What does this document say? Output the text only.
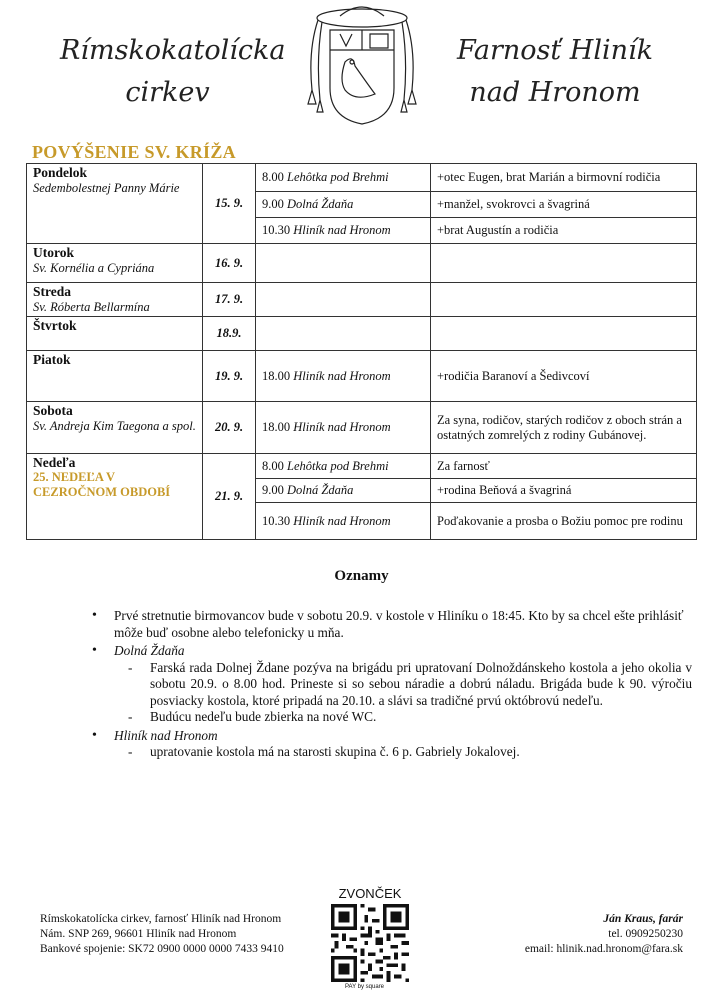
Rímskokatolícka
cirkev
Farnosť Hliník
nad Hronom
POVÝŠENIE SV. KRÍŽA
Pondelok
Sedembolestnej Panny Márie	15. 9.	8.00 Lehôtka pod Brehmi	+otec Eugen, brat Marián a birmovní rodičia
		9.00 Dolná Ždaňa	+manžel, svokrovci a švagriná
		10.30 Hliník nad Hronom	+brat Augustín a rodičia

Utorok
Sv. Kornélia a Cypriána	16. 9.		

Streda
Sv. Róberta Bellarmína	17. 9.		

Štvrtok	18.9.		

Piatok	19. 9.	18.00 Hliník nad Hronom	+rodičia Baranoví a Šedivcoví

Sobota
Sv. Andreja Kim Taegona a spol.	20. 9.	18.00 Hliník nad Hronom	Za syna, rodičov, starých rodičov z oboch strán a ostatných zomrelých z rodiny Gubánovej.

Nedeľa
25. NEDEĽA V CEZROČNOM OBDOBÍ	21. 9.	8.00 Lehôtka pod Brehmi	Za farnosť
		9.00 Dolná Ždaňa	+rodina Beňová a švagriná
		10.30 Hliník nad Hronom	Poďakovanie a prosba o Božiu pomoc pre rodinu
Oznamy
• Prvé stretnutie birmovancov bude v sobotu 20.9. v kostole v Hliníku o 18:45. Kto by sa chcel ešte prihlásiť môže buď osobne alebo telefonicky u mňa.
• Dolná Ždaňa
- Farská rada Dolnej Ždane pozýva na brigádu pri upratovaní Dolnoždánskeho kostola a jeho okolia v sobotu 20.9. o 8.00 hod. Prineste si so sebou náradie a dobrú náladu. Brigáda bude k 90. výročiu posviacky kostola, ktoré pripadá na 20.10. a slávi sa tradičné prvú októbrovú nedeľu.
- Budúcu nedeľu bude zbierka na nové WC.
• Hliník nad Hronom
- upratovanie kostola má na starosti skupina č. 6 p. Gabriely Jokalovej.
Rímskokatolícka cirkev, farnosť Hliník nad Hronom
Nám. SNP 269, 96601 Hliník nad Hronom
Bankové spojenie: SK72 0900 0000 0000 7433 9410
ZVONČEK
PAY by square
Ján Kraus, farár
tel. 0909250230
email: hlinik.nad.hronom@fara.sk
